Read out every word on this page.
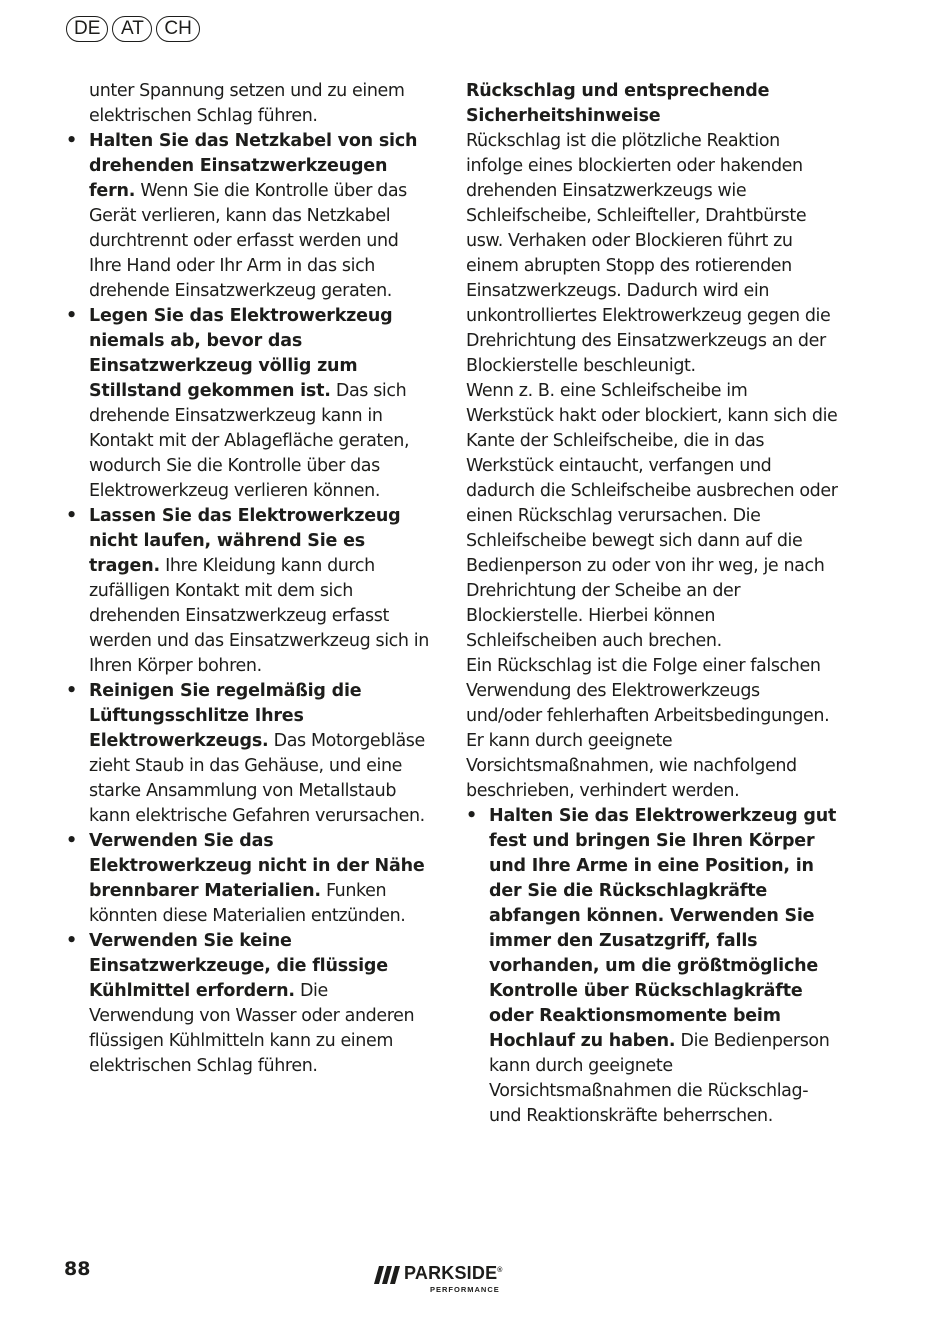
DE	AT	CH

unter Spannung setzen und zu einem elektrischen Schlag führen.

• Halten Sie das Netzkabel von sich drehenden Einsatzwerkzeugen fern. Wenn Sie die Kontrolle über das Gerät verlieren, kann das Netzkabel durchtrennt oder erfasst werden und Ihre Hand oder Ihr Arm in das sich drehende Einsatzwerkzeug geraten.
• Legen Sie das Elektrowerkzeug niemals ab, bevor das Einsatzwerkzeug völlig zum Stillstand gekommen ist. Das sich drehende Einsatzwerkzeug kann in Kontakt mit der Ablagefläche geraten, wodurch Sie die Kontrolle über das Elektrowerkzeug verlieren können.
• Lassen Sie das Elektrowerkzeug nicht laufen, während Sie es tragen. Ihre Kleidung kann durch zufälligen Kontakt mit dem sich drehenden Einsatzwerkzeug erfasst werden und das Einsatzwerkzeug sich in Ihren Körper bohren.
• Reinigen Sie regelmäßig die Lüftungsschlitze Ihres Elektrowerkzeugs. Das Motorgebläse zieht Staub in das Gehäuse, und eine starke Ansammlung von Metallstaub kann elektrische Gefahren verursachen.
• Verwenden Sie das Elektrowerkzeug nicht in der Nähe brennbarer Materialien. Funken könnten diese Materialien entzünden.
• Verwenden Sie keine Einsatzwerkzeuge, die flüssige Kühlmittel erfordern. Die Verwendung von Wasser oder anderen flüssigen Kühlmitteln kann zu einem elektrischen Schlag führen.
Rückschlag und entsprechende Sicherheitshinweise

Rückschlag ist die plötzliche Reaktion infolge eines blockierten oder hakenden drehenden Einsatzwerkzeugs wie Schleifscheibe, Schleifteller, Drahtbürste usw. Verhaken oder Blockieren führt zu einem abrupten Stopp des rotierenden Einsatzwerkzeugs. Dadurch wird ein unkontrolliertes Elektrowerkzeug gegen die Drehrichtung des Einsatzwerkzeugs an der Blockierstelle beschleunigt.

Wenn z. B. eine Schleifscheibe im Werkstück hakt oder blockiert, kann sich die Kante der Schleifscheibe, die in das Werkstück eintaucht, verfangen und dadurch die Schleifscheibe ausbrechen oder einen Rückschlag verursachen. Die Schleifscheibe bewegt sich dann auf die Bedienperson zu oder von ihr weg, je nach Drehrichtung der Scheibe an der Blockierstelle. Hierbei können Schleifscheiben auch brechen.

Ein Rückschlag ist die Folge einer falschen Verwendung des Elektrowerkzeugs und/oder fehlerhaften Arbeitsbedingungen. Er kann durch geeignete Vorsichtsmaßnahmen, wie nachfolgend beschrieben, verhindert werden.

• Halten Sie das Elektrowerkzeug gut fest und bringen Sie Ihren Körper und Ihre Arme in eine Position, in der Sie die Rückschlagkräfte abfangen können. Verwenden Sie immer den Zusatzgriff, falls vorhanden, um die größtmögliche Kontrolle über Rückschlagkräfte oder Reaktionsmomente beim Hochlauf zu haben. Die Bedienperson kann durch geeignete Vorsichtsmaßnahmen die Rückschlag- und Reaktionskräfte beherrschen.
88	PARKSIDE®
PERFORMANCE
